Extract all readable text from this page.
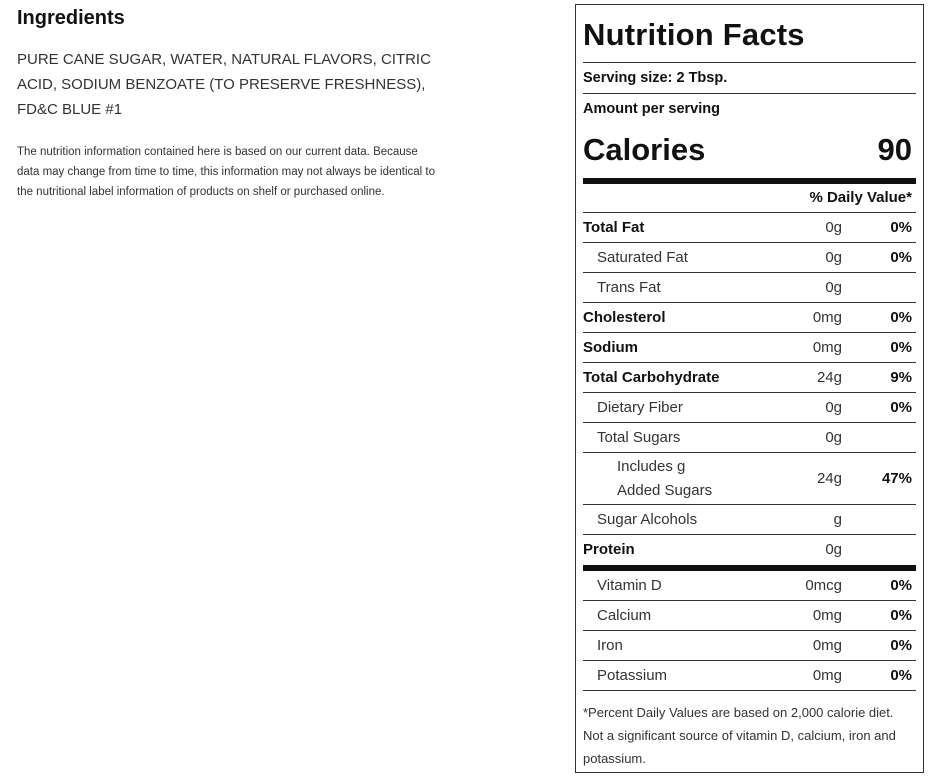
Ingredients
PURE CANE SUGAR, WATER, NATURAL FLAVORS, CITRIC ACID, SODIUM BENZOATE (TO PRESERVE FRESHNESS), FD&C BLUE #1
The nutrition information contained here is based on our current data. Because data may change from time to time, this information may not always be identical to the nutritional label information of products on shelf or purchased online.
Nutrition Facts
Serving size: 2 Tbsp.
Amount per serving
Calories	90
% Daily Value*
Total Fat	0g	0%
Saturated Fat	0g	0%
Trans Fat	0g
Cholesterol	0mg	0%
Sodium	0mg	0%
Total Carbohydrate	24g	9%
Dietary Fiber	0g	0%
Total Sugars	0g
Includes g Added Sugars
24g	47%
Sugar Alcohols	g
Protein	0g
Vitamin D	0mcg	0%
Calcium	0mg	0%
Iron	0mg	0%
Potassium	0mg	0%
*Percent Daily Values are based on 2,000 calorie diet. Not a significant source of vitamin D, calcium, iron and potassium.
